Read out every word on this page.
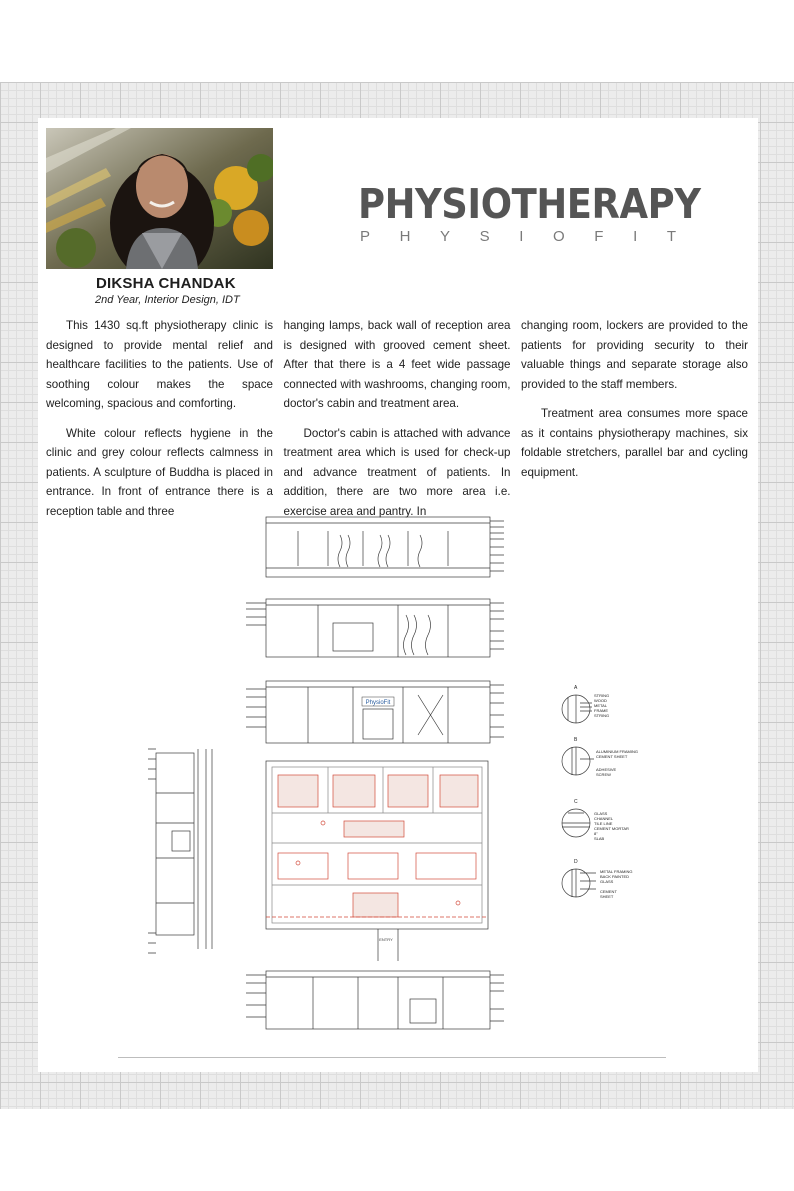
DIKSHA CHANDAK
2nd Year, Interior Design, IDT
PHYSIOTHERAPY
P H Y S I O F I T

This 1430 sq.ft physiotherapy clinic is designed to provide mental relief and healthcare facilities to the patients. Use of soothing colour makes the space welcoming, spacious and comforting.

White colour reflects hygiene in the clinic and grey colour reflects calmness in patients. A sculpture of Buddha is placed in entrance. In front of entrance there is a reception table and three

hanging lamps, back wall of reception area is designed with grooved cement sheet. After that there is a 4 feet wide passage connected with washrooms, changing room, doctor's cabin and treatment area.

Doctor's cabin is attached with advance treatment area which is used for check-up and advance treatment of patients. In addition, there are two more area i.e. exercise area and pantry. In

changing room, lockers are provided to the patients for providing security to their valuable things and separate storage also provided to the staff members.

Treatment area consumes more space as it contains physiotherapy machines, six foldable stretchers, parallel bar and cycling equipment.

PhysioFit
ENTRY
A
B
C
D
STRING
WOOD
METAL
FRAME
STRING
ALUMINIUM FRAMING
CEMENT SHEET
ADHESIVE
SCREW
GLASS
CHANNEL
TILE LINE
CEMENT MORTAR
8"
SLAB
METAL FRAMING
BACK PAINTED
GLASS
CEMENT
SHEET
